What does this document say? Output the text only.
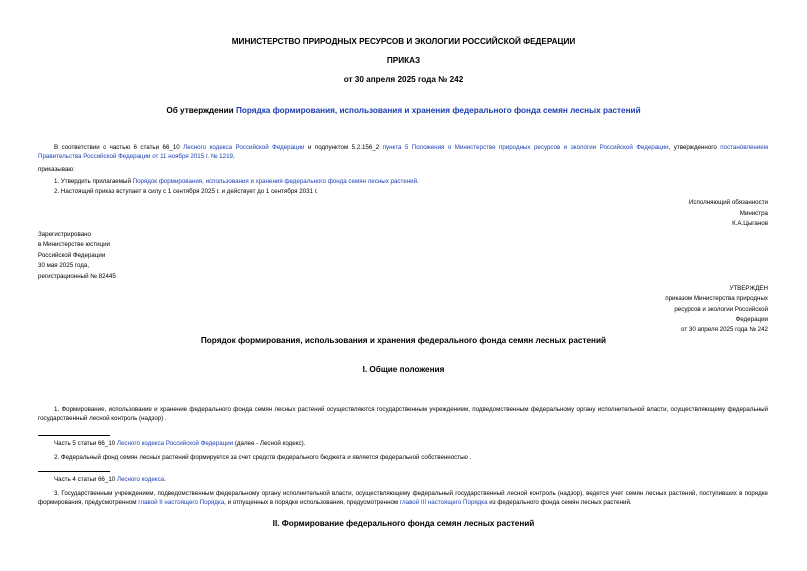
МИНИСТЕРСТВО ПРИРОДНЫХ РЕСУРСОВ И ЭКОЛОГИИ РОССИЙСКОЙ ФЕДЕРАЦИИ
ПРИКАЗ
от 30 апреля 2025 года № 242
Об утверждении Порядка формирования, использования и хранения федерального фонда семян лесных растений
В соответствии с частью 6 статьи 66_10 Лесного кодекса Российской Федерации и подпунктом 5.2.156_2 пункта 5 Положения о Министерстве природных ресурсов и экологии Российской Федерации, утвержденного постановлением Правительства Российской Федерации от 11 ноября 2015 г. № 1219,
приказываю:
1. Утвердить прилагаемый Порядок формирования, использования и хранения федерального фонда семян лесных растений.
2. Настоящий приказ вступает в силу с 1 сентября 2025 г. и действует до 1 сентября 2031 г.
Исполняющий обязанности
Министра
К.А.Цыганов
Зарегистрировано
в Министерстве юстиции
Российской Федерации
30 мая 2025 года,
регистрационный № 82445
УТВЕРЖДЕН
приказом Министерства природных
ресурсов и экологии Российской
Федерации
от 30 апреля 2025 года № 242
Порядок формирования, использования и хранения федерального фонда семян лесных растений
I. Общие положения
1. Формирование, использование и хранение федерального фонда семян лесных растений осуществляются государственным учреждением, подведомственным федеральному органу исполнительной власти, осуществляющему федеральный государственный лесной контроль (надзор) .
Часть 5 статьи 66_10 Лесного кодекса Российской Федерации (далее - Лесной кодекс).
2. Федеральный фонд семян лесных растений формируется за счет средств федерального бюджета и является федеральной собственностью .
Часть 4 статьи 66_10 Лесного кодекса.
3. Государственным учреждением, подведомственным федеральному органу исполнительной власти, осуществляющему федеральный государственный лесной контроль (надзор), ведется учет семян лесных растений, поступивших в порядке формирования, предусмотренном главой II настоящего Порядка, и отпущенных в порядке использования, предусмотренном главой III настоящего Порядка из федерального фонда семян лесных растений.
II. Формирование федерального фонда семян лесных растений
